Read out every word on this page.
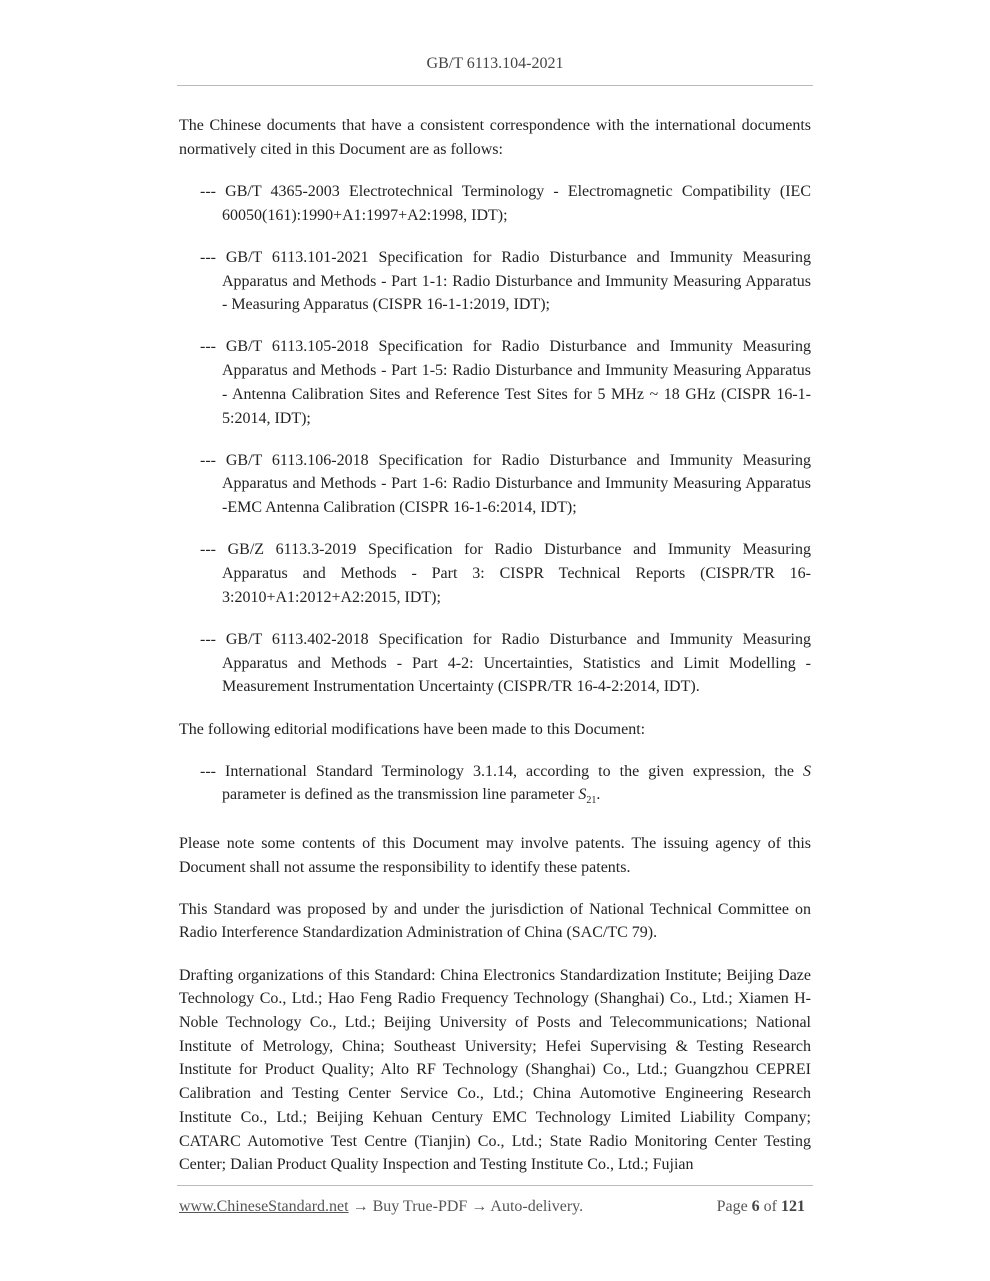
GB/T 6113.104-2021

The Chinese documents that have a consistent correspondence with the international documents normatively cited in this Document are as follows:

--- GB/T 4365-2003 Electrotechnical Terminology - Electromagnetic Compatibility (IEC 60050(161):1990+A1:1997+A2:1998, IDT);
--- GB/T 6113.101-2021 Specification for Radio Disturbance and Immunity Measuring Apparatus and Methods - Part 1-1: Radio Disturbance and Immunity Measuring Apparatus - Measuring Apparatus (CISPR 16-1-1:2019, IDT);
--- GB/T 6113.105-2018 Specification for Radio Disturbance and Immunity Measuring Apparatus and Methods - Part 1-5: Radio Disturbance and Immunity Measuring Apparatus - Antenna Calibration Sites and Reference Test Sites for 5 MHz ~ 18 GHz (CISPR 16-1-5:2014, IDT);
--- GB/T 6113.106-2018 Specification for Radio Disturbance and Immunity Measuring Apparatus and Methods - Part 1-6: Radio Disturbance and Immunity Measuring Apparatus -EMC Antenna Calibration (CISPR 16-1-6:2014, IDT);
--- GB/Z 6113.3-2019 Specification for Radio Disturbance and Immunity Measuring Apparatus and Methods - Part 3: CISPR Technical Reports (CISPR/TR 16-3:2010+A1:2012+A2:2015, IDT);
--- GB/T 6113.402-2018 Specification for Radio Disturbance and Immunity Measuring Apparatus and Methods - Part 4-2: Uncertainties, Statistics and Limit Modelling - Measurement Instrumentation Uncertainty (CISPR/TR 16-4-2:2014, IDT).

The following editorial modifications have been made to this Document:

--- International Standard Terminology 3.1.14, according to the given expression, the S parameter is defined as the transmission line parameter $S_{21}$.

Please note some contents of this Document may involve patents. The issuing agency of this Document shall not assume the responsibility to identify these patents.

This Standard was proposed by and under the jurisdiction of National Technical Committee on Radio Interference Standardization Administration of China (SAC/TC 79).

Drafting organizations of this Standard: China Electronics Standardization Institute; Beijing Daze Technology Co., Ltd.; Hao Feng Radio Frequency Technology (Shanghai) Co., Ltd.; Xiamen H-Noble Technology Co., Ltd.; Beijing University of Posts and Telecommunications; National Institute of Metrology, China; Southeast University; Hefei Supervising & Testing Research Institute for Product Quality; Alto RF Technology (Shanghai) Co., Ltd.; Guangzhou CEPREI Calibration and Testing Center Service Co., Ltd.; China Automotive Engineering Research Institute Co., Ltd.; Beijing Kehuan Century EMC Technology Limited Liability Company; CATARC Automotive Test Centre (Tianjin) Co., Ltd.; State Radio Monitoring Center Testing Center; Dalian Product Quality Inspection and Testing Institute Co., Ltd.; Fujian

www.ChineseStandard.net → Buy True-PDF → Auto-delivery.	Page 6 of 121
